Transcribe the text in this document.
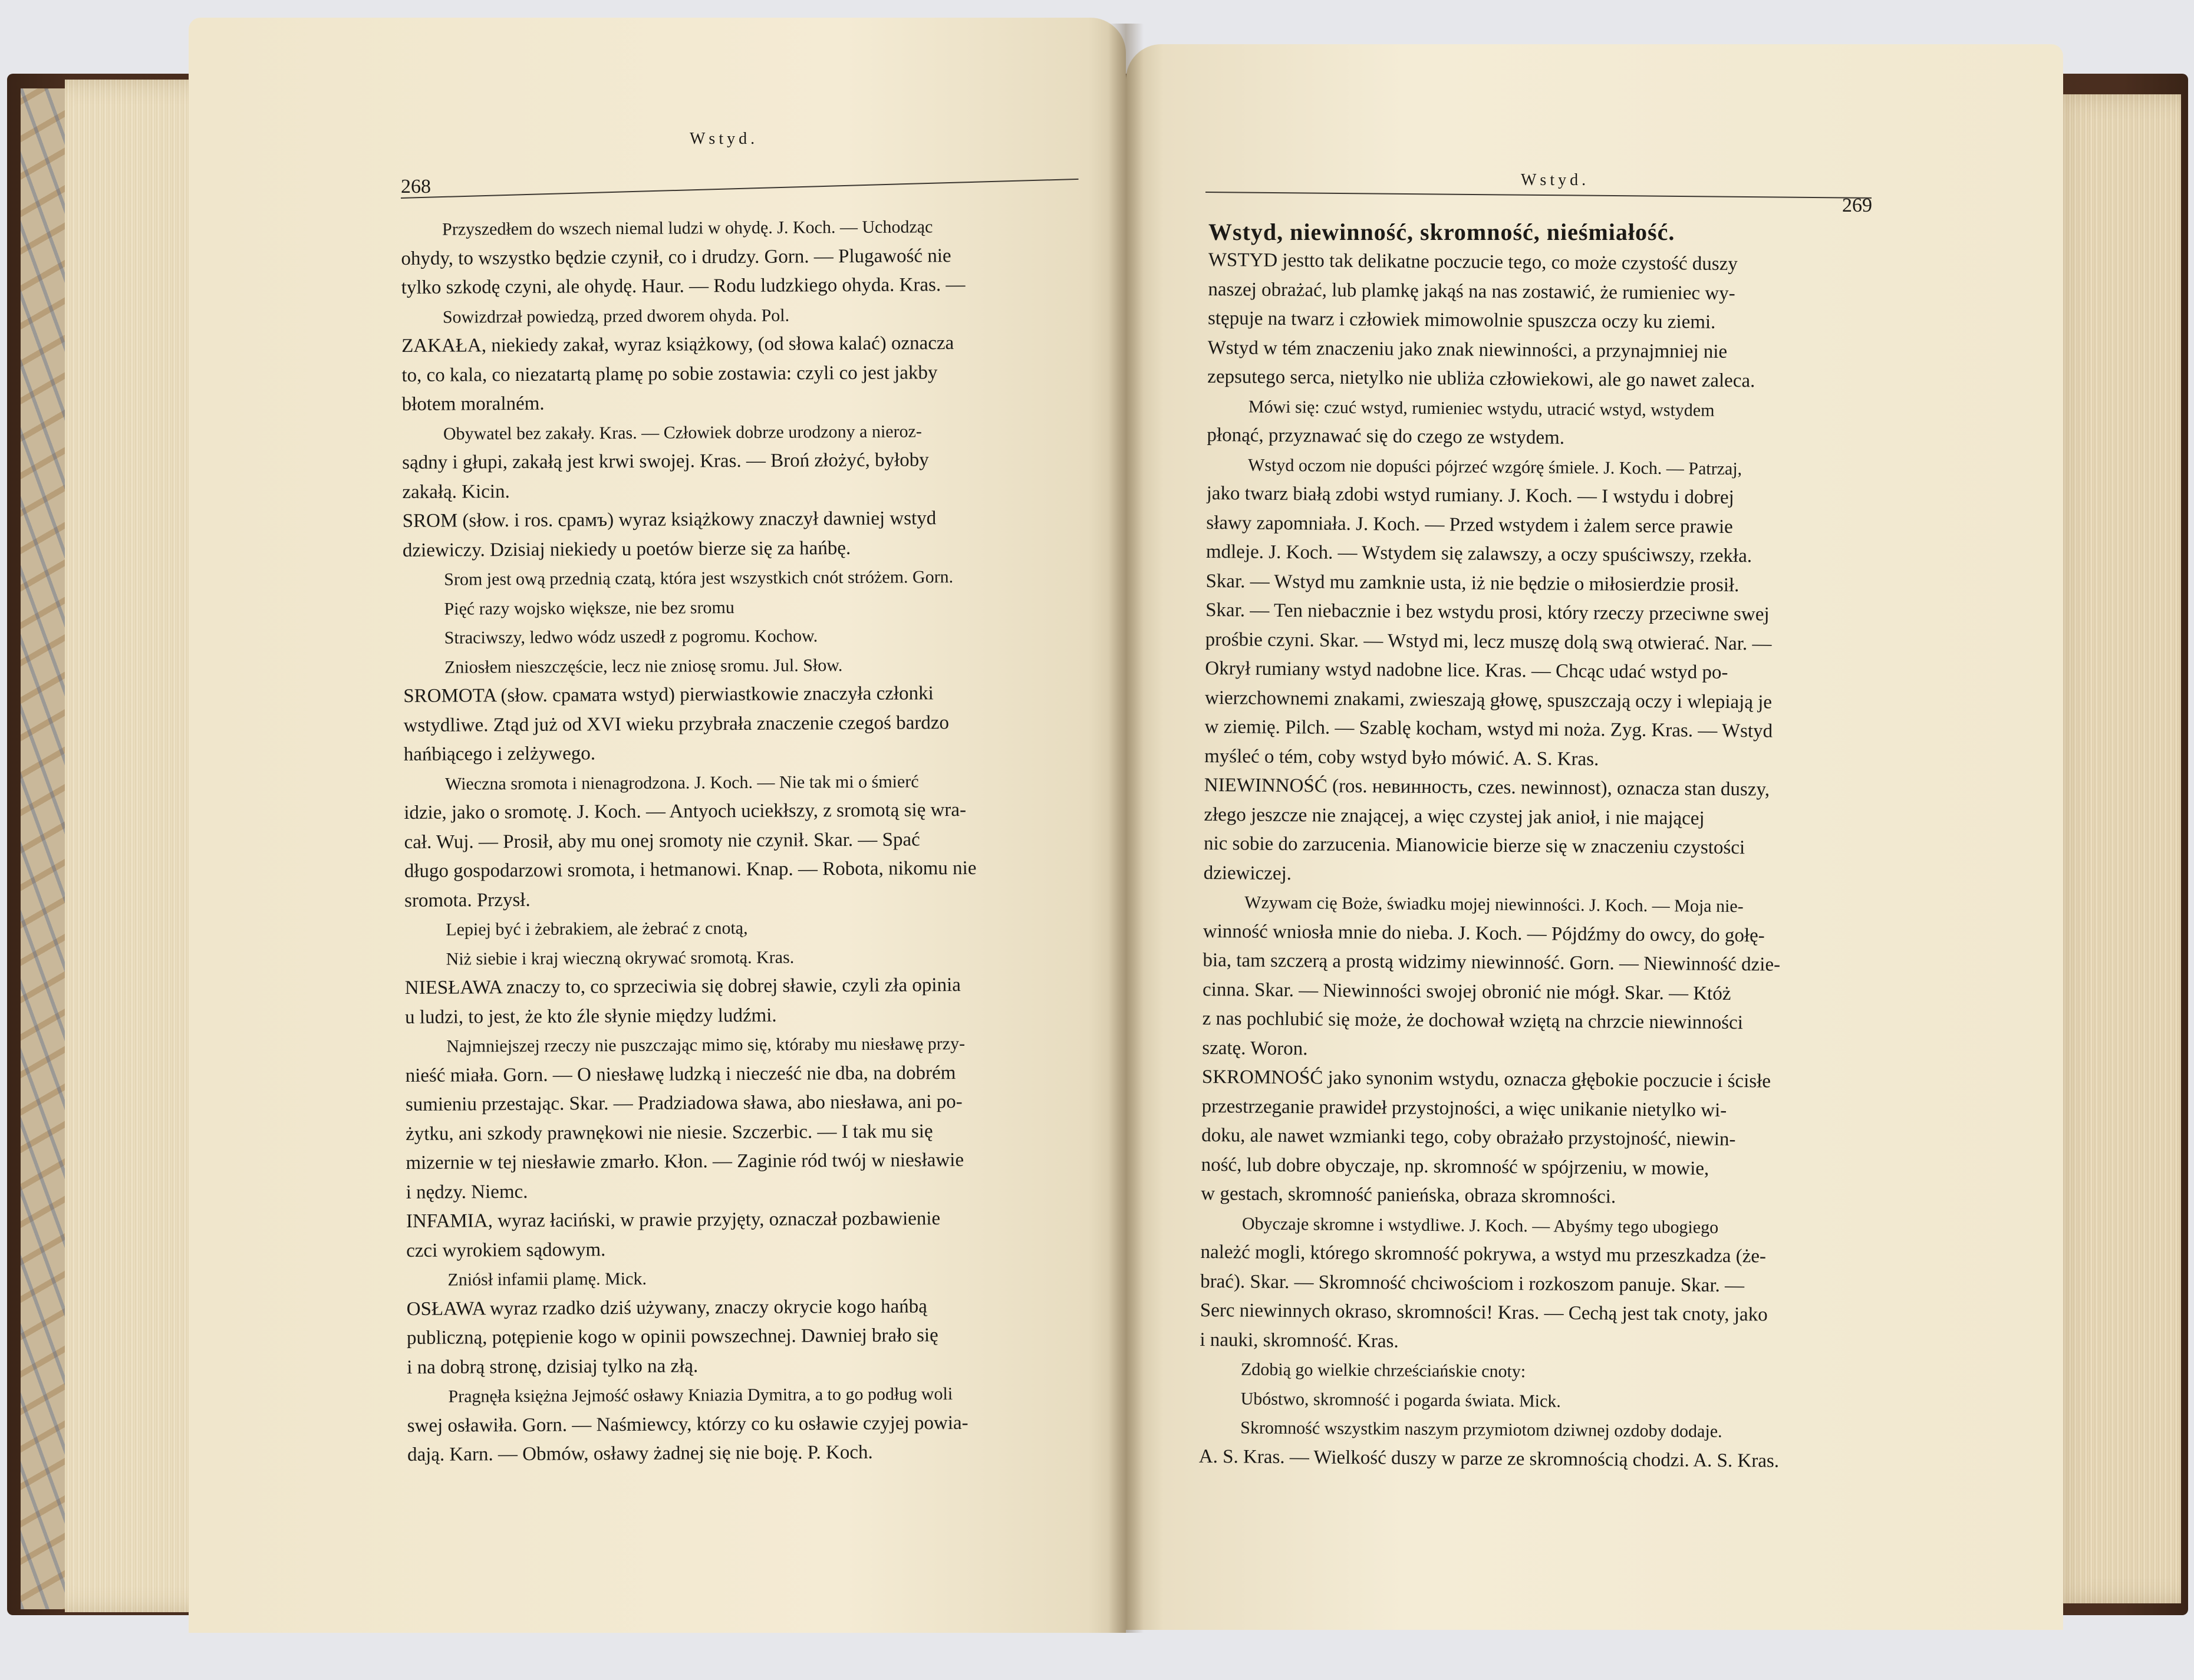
Wstyd.
268
Przyszedłem do wszech niemal ludzi w ohydę. J. Koch. — Uchodząc
ohydy, to wszystko będzie czynił, co i drudzy. Gorn. — Plugawość nie
tylko szkodę czyni, ale ohydę. Haur. — Rodu ludzkiego ohyda. Kras. —
Sowizdrzał powiedzą, przed dworem ohyda. Pol.
ZAKAŁA, niekiedy zakał, wyraz książkowy, (od słowa kalać) oznacza
to, co kala, co niezatartą plamę po sobie zostawia: czyli co jest jakby
błotem moralném.
Obywatel bez zakały. Kras. — Człowiek dobrze urodzony a nieroz-
sądny i głupi, zakałą jest krwi swojej. Kras. — Broń złożyć, byłoby
zakałą. Kicin.
SROM (słow. i ros. срамъ) wyraz książkowy znaczył dawniej wstyd
dziewiczy. Dzisiaj niekiedy u poetów bierze się za hańbę.
Srom jest ową przednią czatą, która jest wszystkich cnót stróżem. Gorn.
Pięć razy wojsko większe, nie bez sromu
Straciwszy, ledwo wódz uszedł z pogromu. Kochow.
Zniosłem nieszczęście, lecz nie zniosę sromu. Jul. Słow.
SROMOTA (słow. срамата wstyd) pierwiastkowie znaczyła członki
wstydliwe. Ztąd już od XVI wieku przybrała znaczenie czegoś bardzo
hańbiącego i zelżywego.
Wieczna sromota i nienagrodzona. J. Koch. — Nie tak mi o śmierć
idzie, jako o sromotę. J. Koch. — Antyoch uciekłszy, z sromotą się wra-
cał. Wuj. — Prosił, aby mu onej sromoty nie czynił. Skar. — Spać
długo gospodarzowi sromota, i hetmanowi. Knap. — Robota, nikomu nie
sromota. Przysł.
Lepiej być i żebrakiem, ale żebrać z cnotą,
Niż siebie i kraj wieczną okrywać sromotą. Kras.
NIESŁAWA znaczy to, co sprzeciwia się dobrej sławie, czyli zła opinia
u ludzi, to jest, że kto źle słynie między ludźmi.
Najmniejszej rzeczy nie puszczając mimo się, któraby mu niesławę przy-
nieść miała. Gorn. — O niesławę ludzką i niecześć nie dba, na dobrém
sumieniu przestając. Skar. — Pradziadowa sława, abo niesława, ani po-
żytku, ani szkody prawnękowi nie niesie. Szczerbic. — I tak mu się
mizernie w tej niesławie zmarło. Kłon. — Zaginie ród twój w niesławie
i nędzy. Niemc.
INFAMIA, wyraz łaciński, w prawie przyjęty, oznaczał pozbawienie
czci wyrokiem sądowym.
Zniósł infamii plamę. Mick.
OSŁAWA wyraz rzadko dziś używany, znaczy okrycie kogo hańbą
publiczną, potępienie kogo w opinii powszechnej. Dawniej brało się
i na dobrą stronę, dzisiaj tylko na złą.
Pragnęła księżna Jejmość osławy Kniazia Dymitra, a to go podług woli
swej osławiła. Gorn. — Naśmiewcy, którzy co ku osławie czyjej powia-
dają. Karn. — Obmów, osławy żadnej się nie boję. P. Koch.
Wstyd.
269
Wstyd, niewinność, skromność, nieśmiałość.
WSTYD jestto tak delikatne poczucie tego, co może czystość duszy
naszej obrażać, lub plamkę jakąś na nas zostawić, że rumieniec wy-
stępuje na twarz i człowiek mimowolnie spuszcza oczy ku ziemi.
Wstyd w tém znaczeniu jako znak niewinności, a przynajmniej nie
zepsutego serca, nietylko nie ubliża człowiekowi, ale go nawet zaleca.
Mówi się: czuć wstyd, rumieniec wstydu, utracić wstyd, wstydem
płonąć, przyznawać się do czego ze wstydem.
Wstyd oczom nie dopuści pójrzeć wzgórę śmiele. J. Koch. — Patrzaj,
jako twarz białą zdobi wstyd rumiany. J. Koch. — I wstydu i dobrej
sławy zapomniała. J. Koch. — Przed wstydem i żalem serce prawie
mdleje. J. Koch. — Wstydem się zalawszy, a oczy spuściwszy, rzekła.
Skar. — Wstyd mu zamknie usta, iż nie będzie o miłosierdzie prosił.
Skar. — Ten niebacznie i bez wstydu prosi, który rzeczy przeciwne swej
prośbie czyni. Skar. — Wstyd mi, lecz muszę dolą swą otwierać. Nar. —
Okrył rumiany wstyd nadobne lice. Kras. — Chcąc udać wstyd po-
wierzchownemi znakami, zwieszają głowę, spuszczają oczy i wlepiają je
w ziemię. Pilch. — Szablę kocham, wstyd mi noża. Zyg. Kras. — Wstyd
myśleć o tém, coby wstyd było mówić. A. S. Kras.
NIEWINNOŚĆ (ros. невинность, czes. newinnost), oznacza stan duszy,
złego jeszcze nie znającej, a więc czystej jak anioł, i nie mającej
nic sobie do zarzucenia. Mianowicie bierze się w znaczeniu czystości
dziewiczej.
Wzywam cię Boże, świadku mojej niewinności. J. Koch. — Moja nie-
winność wniosła mnie do nieba. J. Koch. — Pójdźmy do owcy, do gołę-
bia, tam szczerą a prostą widzimy niewinność. Gorn. — Niewinność dzie-
cinna. Skar. — Niewinności swojej obronić nie mógł. Skar. — Któż
z nas pochlubić się może, że dochował wziętą na chrzcie niewinności
szatę. Woron.
SKROMNOŚĆ jako synonim wstydu, oznacza głębokie poczucie i ścisłe
przestrzeganie prawideł przystojności, a więc unikanie nietylko wi-
doku, ale nawet wzmianki tego, coby obrażało przystojność, niewin-
ność, lub dobre obyczaje, np. skromność w spójrzeniu, w mowie,
w gestach, skromność panieńska, obraza skromności.
Obyczaje skromne i wstydliwe. J. Koch. — Abyśmy tego ubogiego
należć mogli, którego skromność pokrywa, a wstyd mu przeszkadza (że-
brać). Skar. — Skromność chciwościom i rozkoszom panuje. Skar. —
Serc niewinnych okraso, skromności! Kras. — Cechą jest tak cnoty, jako
i nauki, skromność. Kras.
Zdobią go wielkie chrześciańskie cnoty:
Ubóstwo, skromność i pogarda świata. Mick.
Skromność wszystkim naszym przymiotom dziwnej ozdoby dodaje.
A. S. Kras. — Wielkość duszy w parze ze skromnością chodzi. A. S. Kras.
